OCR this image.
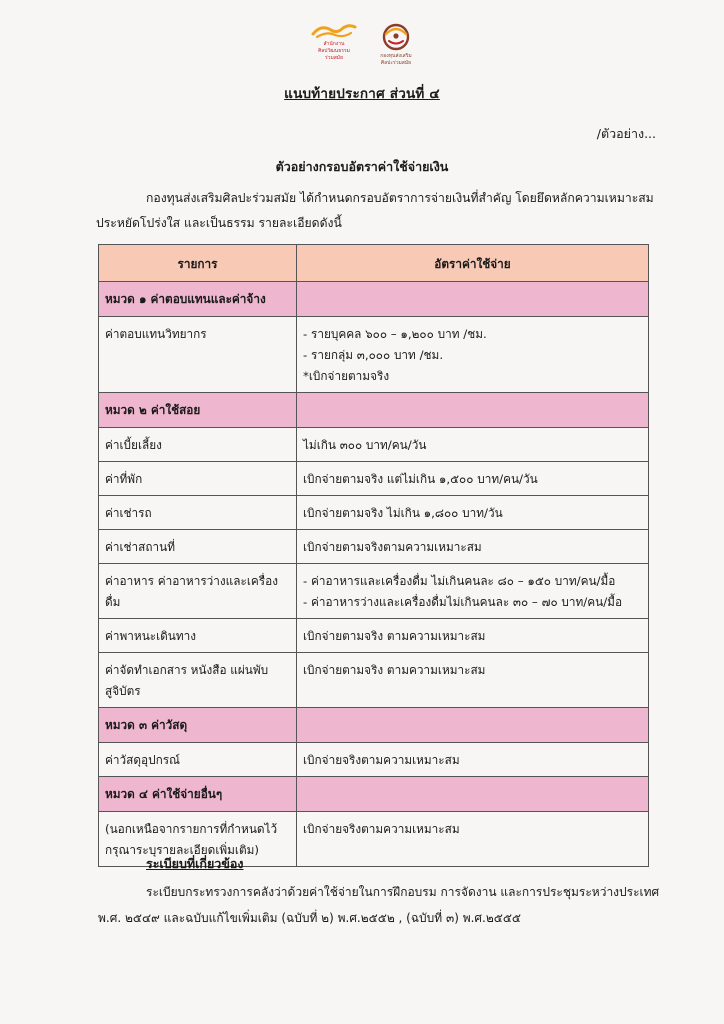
สำนักงาน
ศิลปวัฒนธรรม
ร่วมสมัย	กองทุนส่งเสริม
ศิลปะร่วมสมัย
แนบท้ายประกาศ ส่วนที่ ๔
/ตัวอย่าง...
ตัวอย่างกรอบอัตราค่าใช้จ่ายเงิน

กองทุนส่งเสริมศิลปะร่วมสมัย ได้กำหนดกรอบอัตราการจ่ายเงินที่สำคัญ โดยยึดหลักความเหมาะสม

ประหยัดโปร่งใส และเป็นธรรม รายละเอียดดังนี้

รายการ	อัตราค่าใช้จ่าย
หมวด ๑ ค่าตอบแทนและค่าจ้าง	
ค่าตอบแทนวิทยากร	- รายบุคคล ๖๐๐ – ๑,๒๐๐ บาท /ชม.
- รายกลุ่ม ๓,๐๐๐ บาท /ชม.
*เบิกจ่ายตามจริง

หมวด ๒ ค่าใช้สอย	
ค่าเบี้ยเลี้ยง	ไม่เกิน ๓๐๐ บาท/คน/วัน

ค่าที่พัก	เบิกจ่ายตามจริง แต่ไม่เกิน ๑,๕๐๐ บาท/คน/วัน

ค่าเช่ารถ	เบิกจ่ายตามจริง ไม่เกิน ๑,๘๐๐ บาท/วัน

ค่าเช่าสถานที่	เบิกจ่ายตามจริงตามความเหมาะสม

ค่าอาหาร ค่าอาหารว่างและเครื่องดื่ม	- ค่าอาหารและเครื่องดื่ม ไม่เกินคนละ ๘๐ – ๑๕๐ บาท/คน/มื้อ
- ค่าอาหารว่างและเครื่องดื่มไม่เกินคนละ ๓๐ – ๗๐ บาท/คน/มื้อ

ค่าพาหนะเดินทาง	เบิกจ่ายตามจริง ตามความเหมาะสม

ค่าจัดทำเอกสาร หนังสือ แผ่นพับ สูจิบัตร	เบิกจ่ายตามจริง ตามความเหมาะสม

หมวด ๓ ค่าวัสดุ	
ค่าวัสดุอุปกรณ์	เบิกจ่ายจริงตามความเหมาะสม

หมวด ๔ ค่าใช้จ่ายอื่นๆ	
(นอกเหนือจากรายการที่กำหนดไว้ กรุณาระบุรายละเอียดเพิ่มเติม)	เบิกจ่ายจริงตามความเหมาะสม
ระเบียบที่เกี่ยวข้อง

ระเบียบกระทรวงการคลังว่าด้วยค่าใช้จ่ายในการฝึกอบรม การจัดงาน และการประชุมระหว่างประเทศ

พ.ศ. ๒๕๔๙ และฉบับแก้ไขเพิ่มเติม (ฉบับที่ ๒) พ.ศ.๒๕๕๒ , (ฉบับที่ ๓) พ.ศ.๒๕๕๕
